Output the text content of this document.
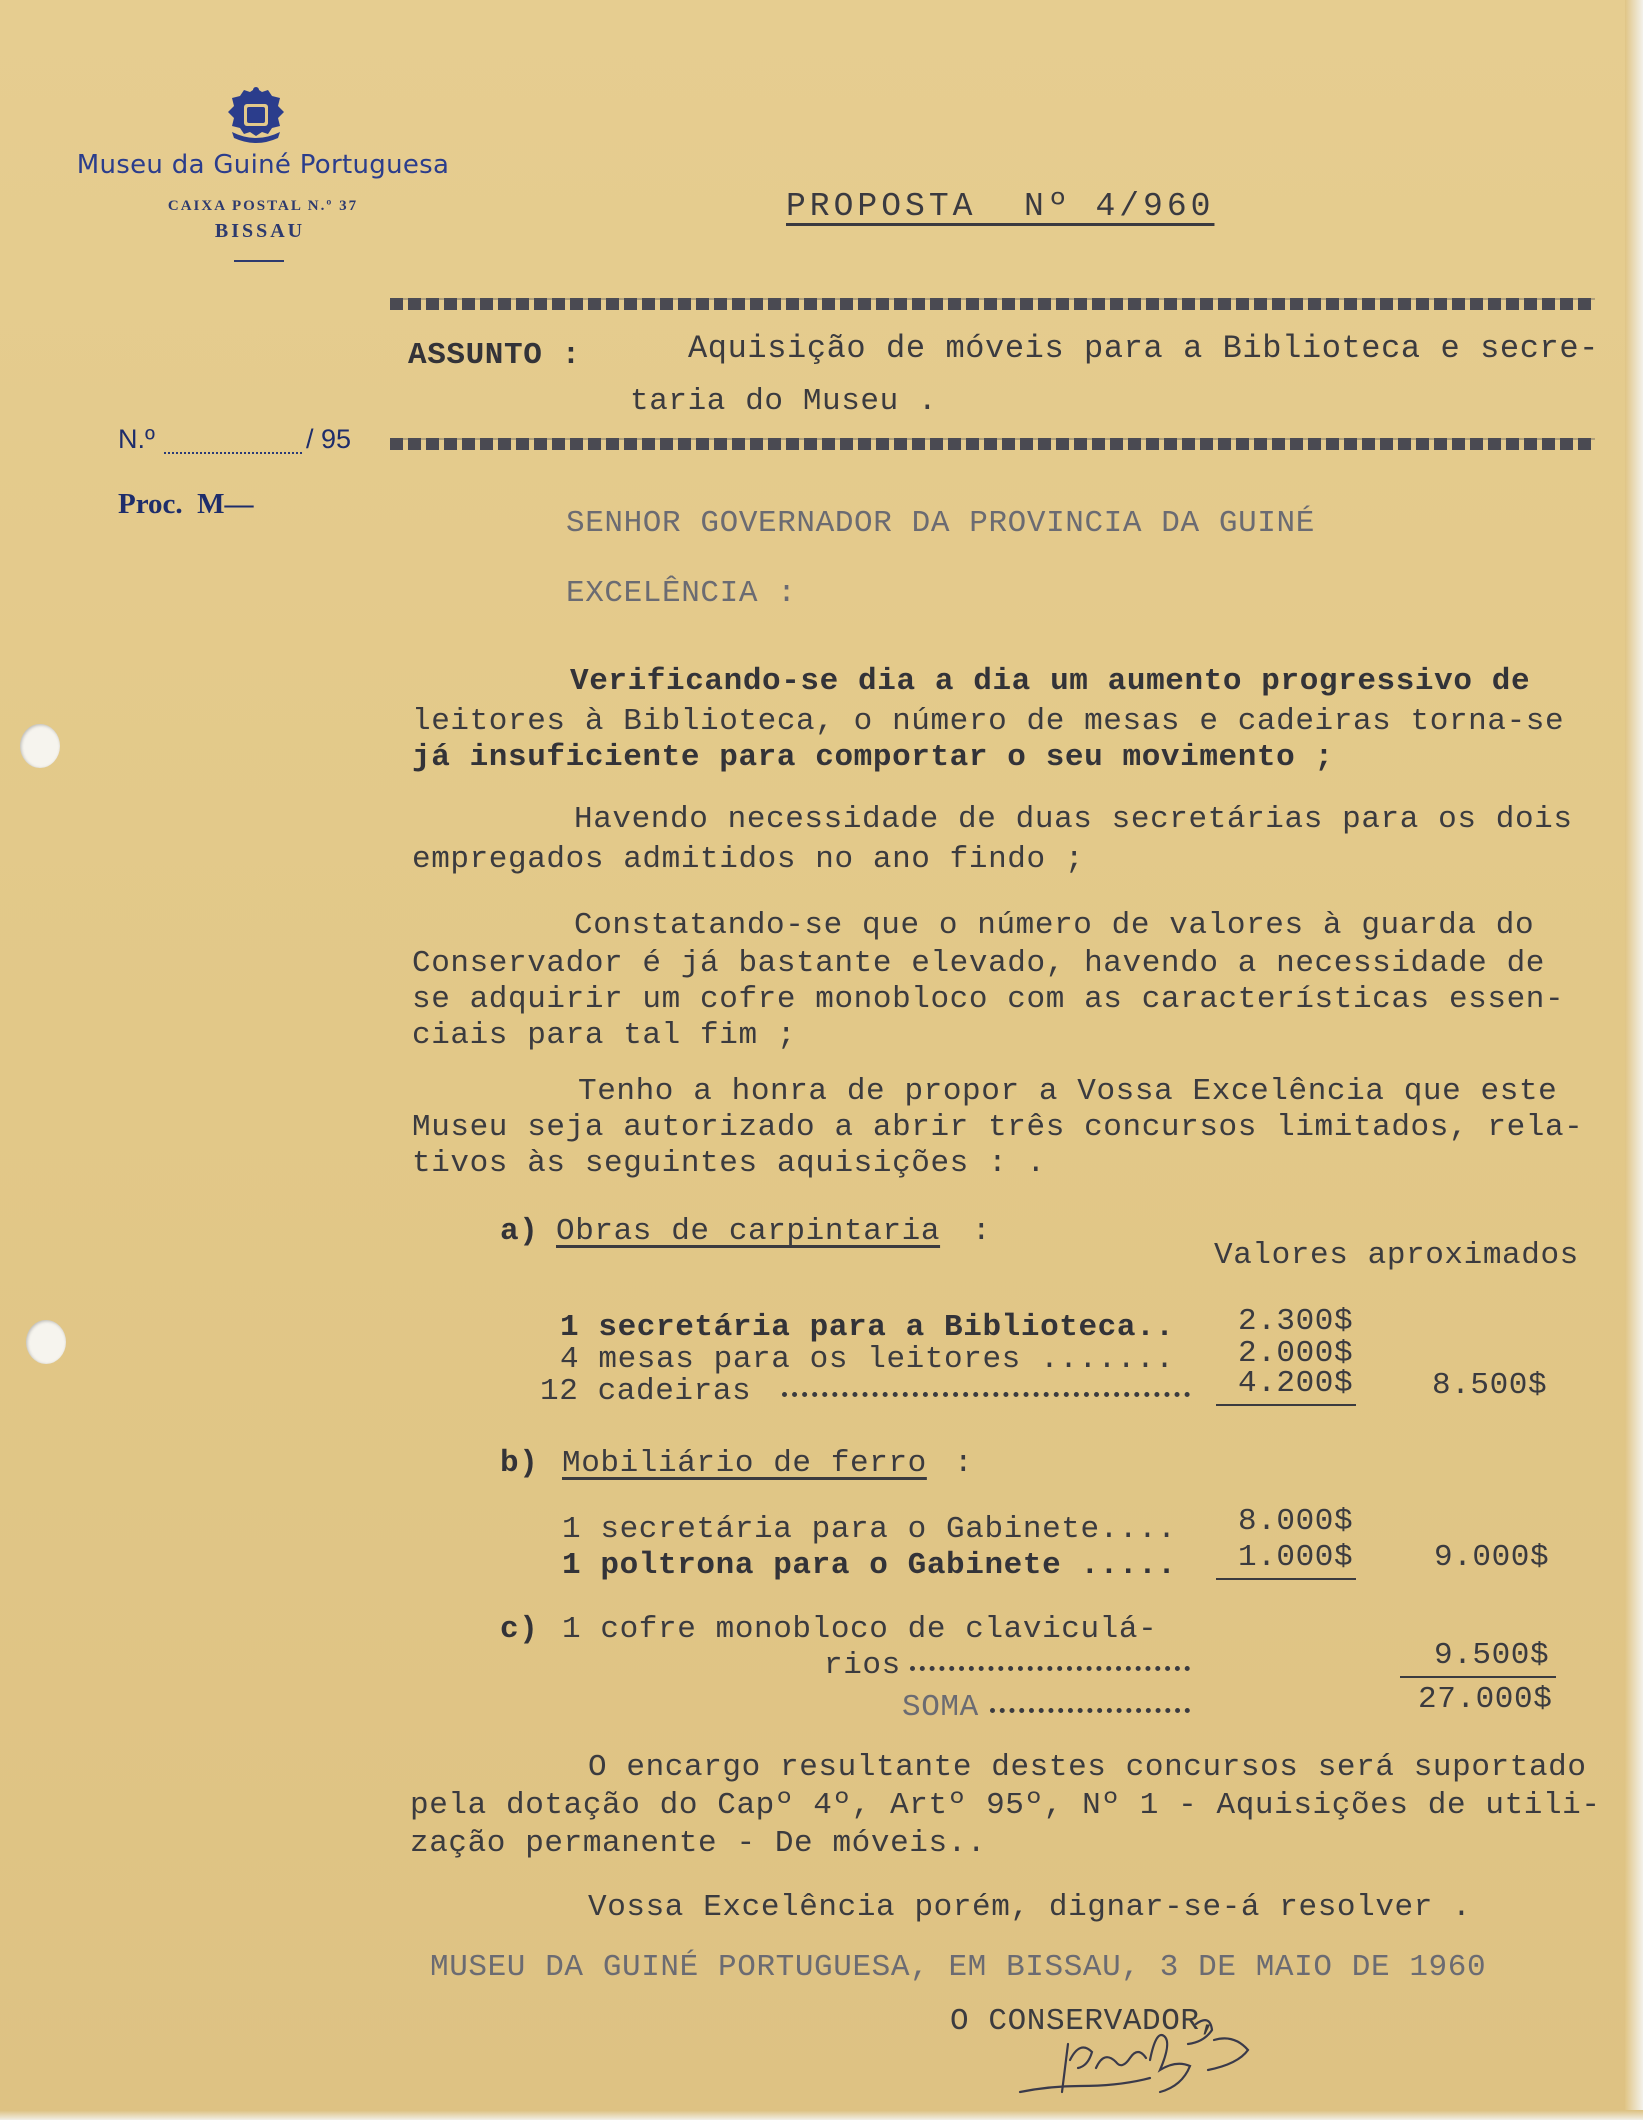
Museu da Guiné Portuguesa
CAIXA POSTAL N.º 37
BISSAU
N.º	/ 95
Proc.  M—
PROPOSTA  Nº 4/960
ASSUNTO :	Aquisição de móveis para a Biblioteca e secre-
taria do Museu .
SENHOR GOVERNADOR DA PROVINCIA DA GUINÉ
EXCELÊNCIA :
Verificando-se dia a dia um aumento progressivo de
leitores à Biblioteca, o número de mesas e cadeiras torna-se
já insuficiente para comportar o seu movimento ;
Havendo necessidade de duas secretárias para os dois
empregados admitidos no ano findo ;
Constatando-se que o número de valores à guarda do
Conservador é já bastante elevado, havendo a necessidade de
se adquirir um cofre monobloco com as características essen-
ciais para tal fim ;
Tenho a honra de propor a Vossa Excelência que este
Museu seja autorizado a abrir três concursos limitados, rela-
tivos às seguintes aquisições : .
a) Obras de carpintaria :
Valores aproximados
1 secretária para a Biblioteca.. 2.300$
4 mesas para os leitores ....... 2.000$
12 cadeiras	4.200$	8.500$
b) Mobiliário de ferro :
1 secretária para o Gabinete.... 8.000$
1 poltrona para o Gabinete ..... 1.000$	9.000$
c) 1 cofre monobloco de claviculá-
rios	9.500$
SOMA	27.000$
O encargo resultante destes concursos será suportado
pela dotação do Capº 4º, Artº 95º, Nº 1 - Aquisições de utili-
zação permanente - De móveis..
Vossa Excelência porém, dignar-se-á resolver .
MUSEU DA GUINÉ PORTUGUESA, EM BISSAU, 3 DE MAIO DE 1960
O CONSERVADOR,
